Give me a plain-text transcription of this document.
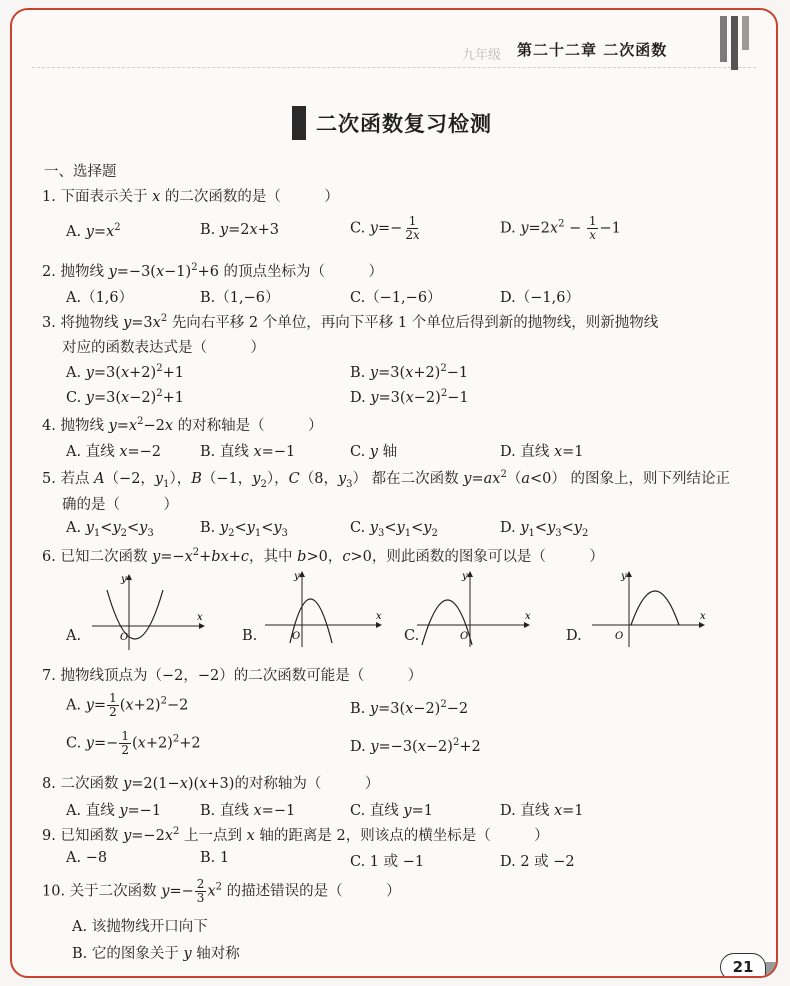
九年级 第二十二章 二次函数
二次函数复习检测
一、选择题
1. 下面表示关于 x 的二次函数的是（　　　）
A. $y=x^2$	B. y=2x+3	C. $y=- \frac{1}{2x}$	D. $y=2x^2 - \frac{1}{x} -1$
2. 抛物线 $y=-3(x-1)^2+6$ 的顶点坐标为（　　　）
A.（1,6）	B.（1,−6）	C.（−1,−6）	D.（−1,6）
3. 将抛物线 $y=3x^2$ 先向右平移 2 个单位，再向下平移 1 个单位后得到新的抛物线，则新抛物线
对应的函数表达式是（　　　）
A. $y=3(x+2)^2+1$	B. $y=3(x+2)^2-1$
C. $y=3(x-2)^2+1$	D. $y=3(x-2)^2-1$
4. 抛物线 $y=x^2-2x$ 的对称轴是（　　　）
A. 直线 x=−2	B. 直线 x=−1	C. y 轴	D. 直线 x=1
5. 若点 A（−2，$y_1$），B（−1，$y_2$），C（8，$y_3$） 都在二次函数 $y=ax^2(a<0)$ 的图象上，则下列结论正
确的是（　　　）
A. $y_1<y_2<y_3$	B. $y_2<y_1<y_3$	C. $y_3<y_1<y_2$	D. $y_1<y_3<y_2$
6. 已知二次函数 $y=-x^2+bx+c$，其中 b>0，c>0，则此函数的图象可以是（　　　）
A.	B.	C.	D.
y
x
O
y
x
O
y
x
O
y
x
O
7. 抛物线顶点为（−2，−2）的二次函数可能是（　　　）
A. $y= \frac{1}{2} (x+2)^2-2$	B. $y=3(x-2)^2-2$
C. $y=- \frac{1}{2} (x+2)^2+2$	D. $y=-3(x-2)^2+2$
8. 二次函数 y=2(1−x)(x+3)的对称轴为（　　　）
A. 直线 y=−1	B. 直线 x=−1	C. 直线 y=1	D. 直线 x=1
9. 已知函数 $y=-2x^2$ 上一点到 x 轴的距离是 2，则该点的横坐标是（　　　）
A. −8	B. 1	C. 1 或 −1	D. 2 或 −2
10. 关于二次函数 $y=- \frac{2}{3} x^2$ 的描述错误的是（　　　）
A. 该抛物线开口向下
B. 它的图象关于 y 轴对称
21
